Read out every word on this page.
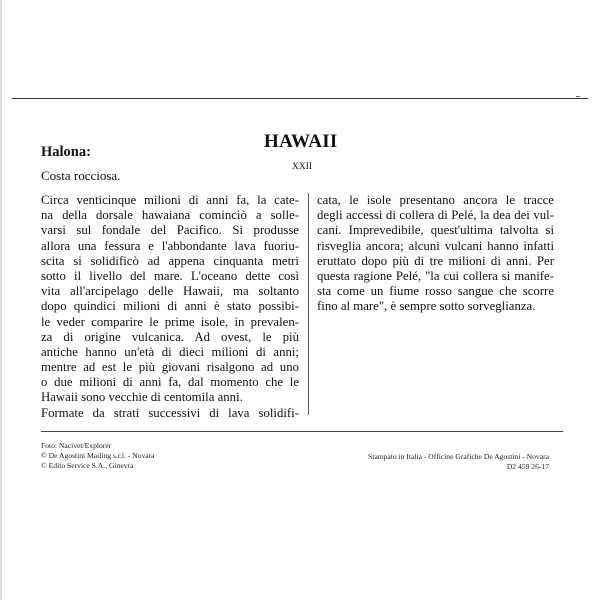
Halona:
Costa rocciosa.
HAWAII
XXII
Circa venticinque milioni di anni fa, la cate-
na della dorsale hawaiana cominciò a solle-
varsi sul fondale del Pacifico. Si produsse
allora una fessura e l'abbondante lava fuoriu-
scita si solidificò ad appena cinquanta metri
sotto il livello del mare. L'oceano dette così
vita all'arcipelago delle Hawaii, ma soltanto
dopo quindici milioni di anni è stato possibi-
le veder comparire le prime isole, in prevalen-
za di origine vulcanica. Ad ovest, le più
antiche hanno un'età di dieci milioni di anni;
mentre ad est le più giovani risalgono ad uno
o due milioni di anni fa, dal momento che le
Hawaii sono vecchie di centomila anni.
Formate da strati successivi di lava solidifi-
cata, le isole presentano ancora le tracce
degli accessi di collera di Pelé, la dea dei vul-
cani. Imprevedibile, quest'ultima talvolta si
risveglia ancora; alcuni vulcani hanno infatti
eruttato dopo più di tre milioni di anni. Per
questa ragione Pelé, "la cui collera si manife-
sta come un fiume rosso sangue che scorre
fino al mare", è sempre sotto sorveglianza.
Foto: Nacivet/Explorer
© De Agostini Mailing s.r.l. - Novara
© Edito Service S.A., Ginevra
Stampato in Italia - Officine Grafiche De Agostini - Novara
D2 459 26-17
